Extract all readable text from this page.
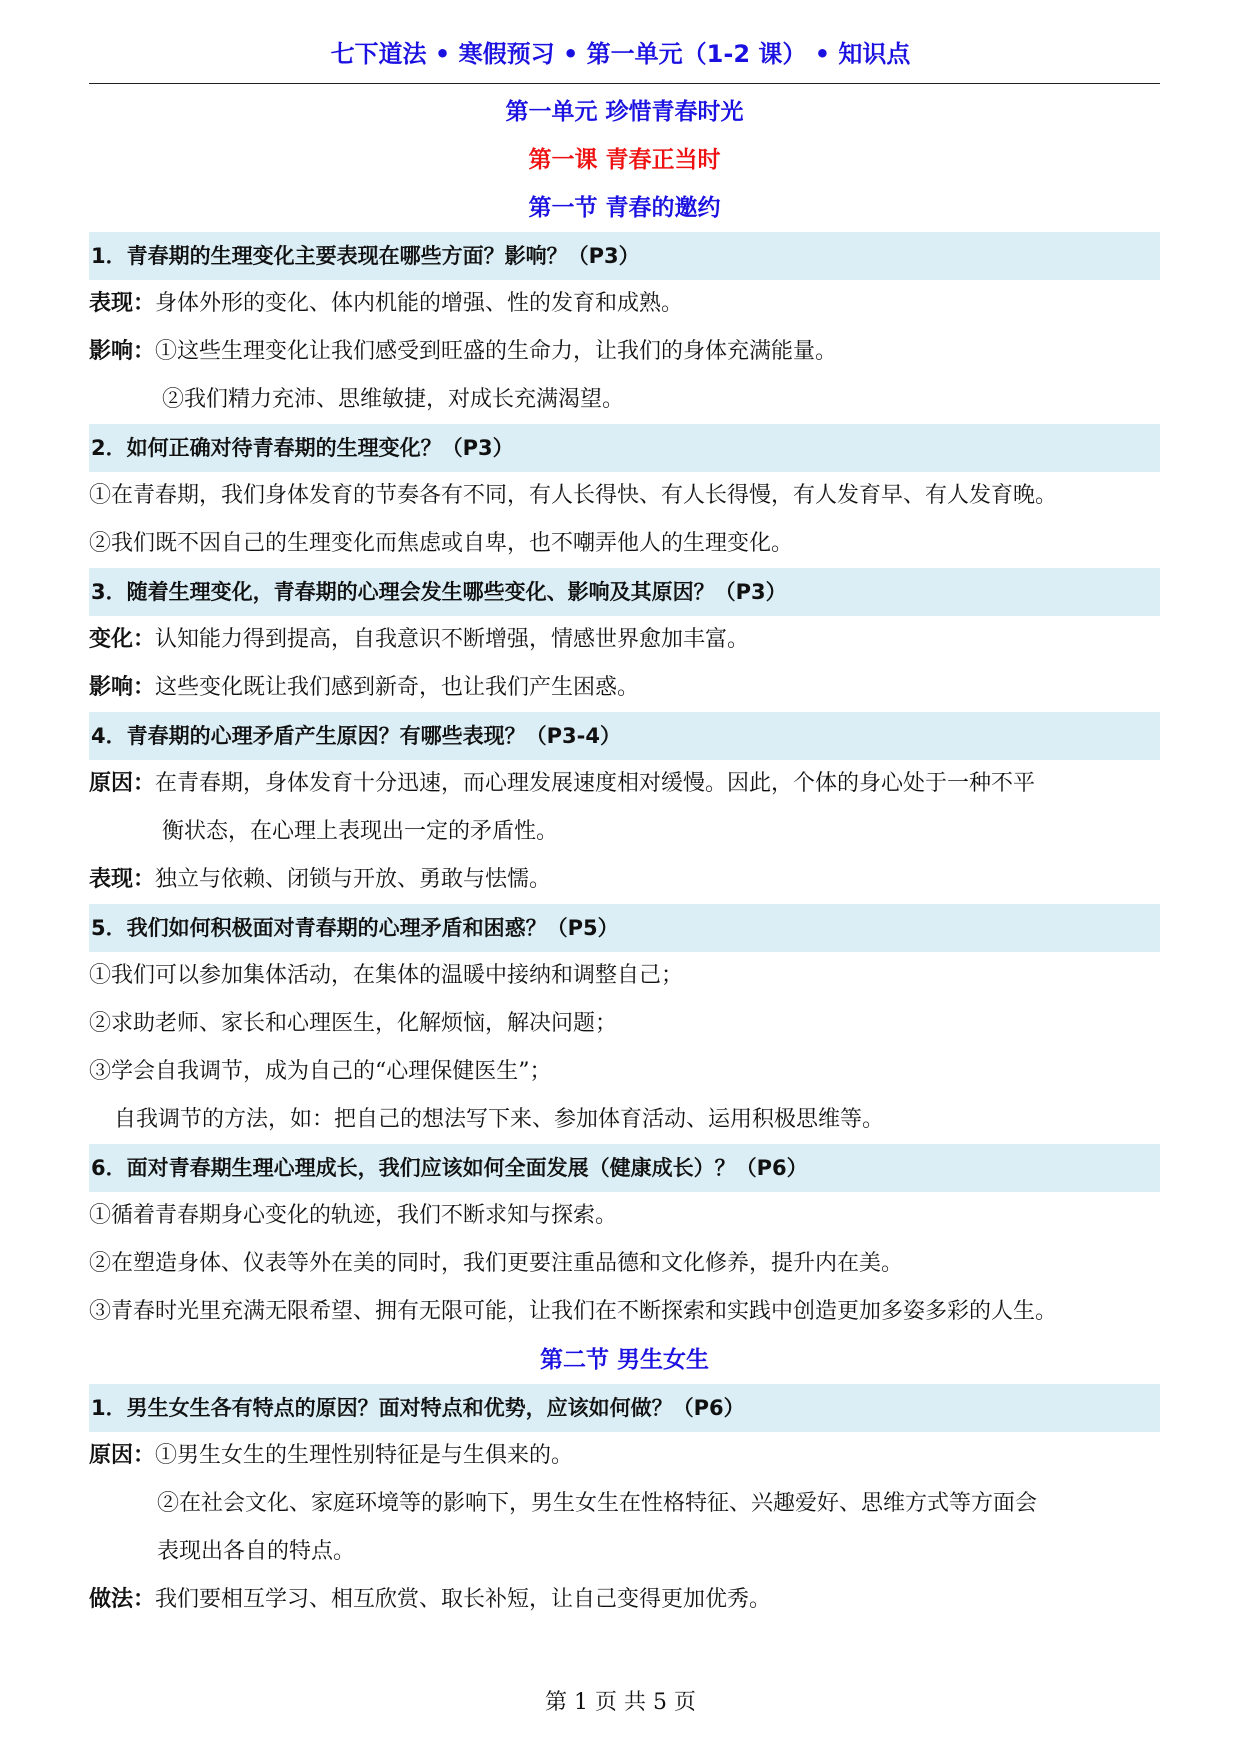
七下道法 • 寒假预习 • 第一单元（1-2 课） • 知识点
第一单元 珍惜青春时光
第一课 青春正当时
第一节 青春的邀约
1．青春期的生理变化主要表现在哪些方面？影响？（P3）
表现：身体外形的变化、体内机能的增强、性的发育和成熟。
影响：①这些生理变化让我们感受到旺盛的生命力，让我们的身体充满能量。
②我们精力充沛、思维敏捷，对成长充满渴望。
2．如何正确对待青春期的生理变化？（P3）
①在青春期，我们身体发育的节奏各有不同，有人长得快、有人长得慢，有人发育早、有人发育晚。
②我们既不因自己的生理变化而焦虑或自卑，也不嘲弄他人的生理变化。
3．随着生理变化，青春期的心理会发生哪些变化、影响及其原因？（P3）
变化：认知能力得到提高，自我意识不断增强，情感世界愈加丰富。
影响：这些变化既让我们感到新奇，也让我们产生困惑。
4．青春期的心理矛盾产生原因？有哪些表现？（P3-4）
原因：在青春期，身体发育十分迅速，而心理发展速度相对缓慢。因此，个体的身心处于一种不平
衡状态，在心理上表现出一定的矛盾性。
表现：独立与依赖、闭锁与开放、勇敢与怯懦。
5．我们如何积极面对青春期的心理矛盾和困惑？（P5）
①我们可以参加集体活动，在集体的温暖中接纳和调整自己；
②求助老师、家长和心理医生，化解烦恼，解决问题；
③学会自我调节，成为自己的“心理保健医生”；
自我调节的方法，如：把自己的想法写下来、参加体育活动、运用积极思维等。
6．面对青春期生理心理成长，我们应该如何全面发展（健康成长）？（P6）
①循着青春期身心变化的轨迹，我们不断求知与探索。
②在塑造身体、仪表等外在美的同时，我们更要注重品德和文化修养，提升内在美。
③青春时光里充满无限希望、拥有无限可能，让我们在不断探索和实践中创造更加多姿多彩的人生。
第二节 男生女生
1．男生女生各有特点的原因？面对特点和优势，应该如何做？（P6）
原因：①男生女生的生理性别特征是与生俱来的。
②在社会文化、家庭环境等的影响下，男生女生在性格特征、兴趣爱好、思维方式等方面会
表现出各自的特点。
做法：我们要相互学习、相互欣赏、取长补短，让自己变得更加优秀。
第 1 页 共 5 页
